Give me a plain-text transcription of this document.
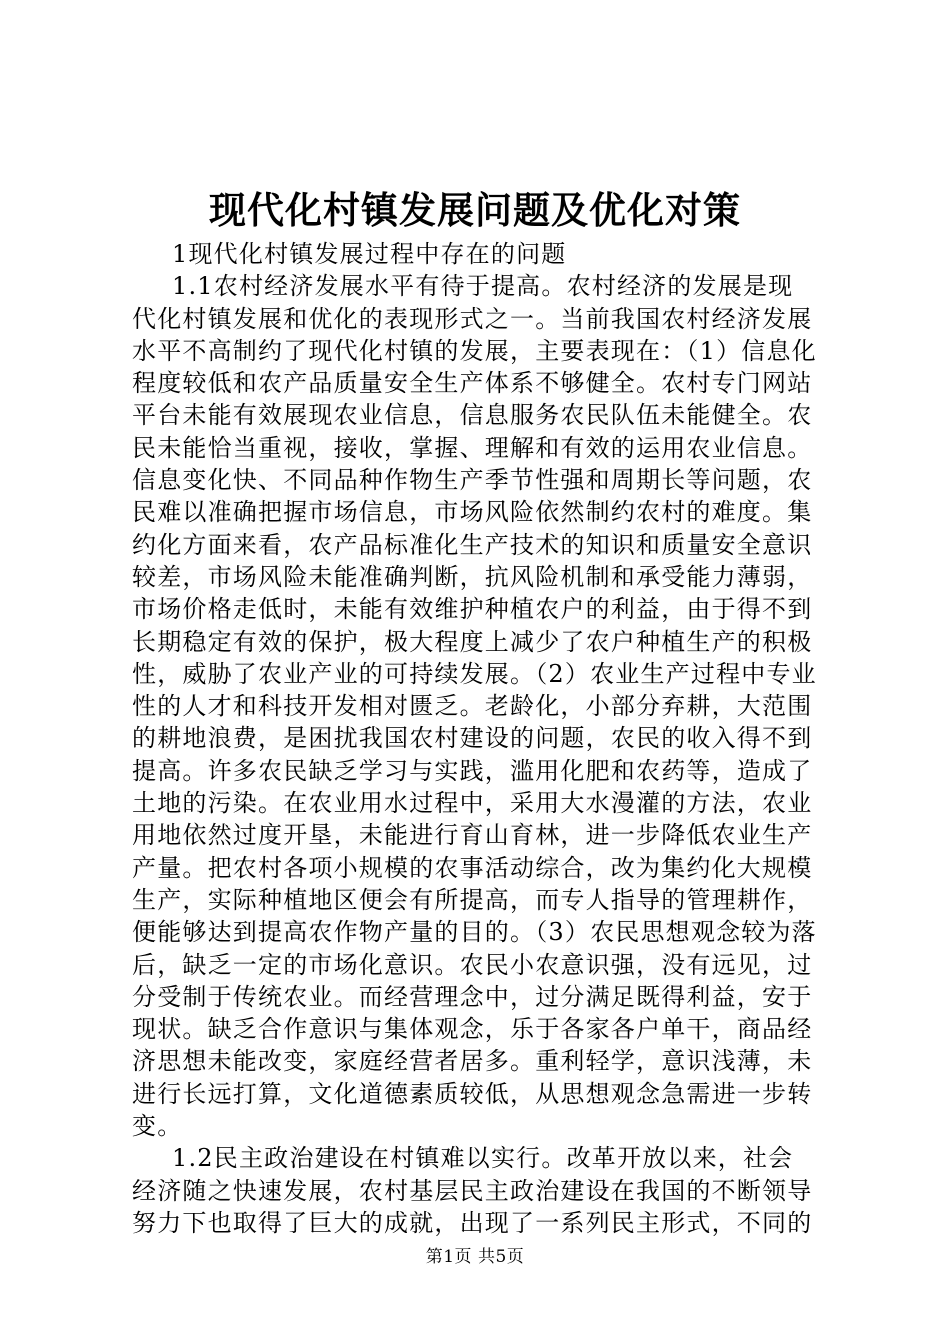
现代化村镇发展问题及优化对策
1现代化村镇发展过程中存在的问题
1.1农村经济发展水平有待于提高。农村经济的发展是现
代化村镇发展和优化的表现形式之一。当前我国农村经济发展
水平不高制约了现代化村镇的发展，主要表现在：（1）信息化
程度较低和农产品质量安全生产体系不够健全。农村专门网站
平台未能有效展现农业信息，信息服务农民队伍未能健全。农
民未能恰当重视，接收，掌握、理解和有效的运用农业信息。
信息变化快、不同品种作物生产季节性强和周期长等问题，农
民难以准确把握市场信息，市场风险依然制约农村的难度。集
约化方面来看，农产品标准化生产技术的知识和质量安全意识
较差，市场风险未能准确判断，抗风险机制和承受能力薄弱，
市场价格走低时，未能有效维护种植农户的利益，由于得不到
长期稳定有效的保护，极大程度上减少了农户种植生产的积极
性，威胁了农业产业的可持续发展。（2）农业生产过程中专业
性的人才和科技开发相对匮乏。老龄化，小部分弃耕，大范围
的耕地浪费，是困扰我国农村建设的问题，农民的收入得不到
提高。许多农民缺乏学习与实践，滥用化肥和农药等，造成了
土地的污染。在农业用水过程中，采用大水漫灌的方法，农业
用地依然过度开垦，未能进行育山育林，进一步降低农业生产
产量。把农村各项小规模的农事活动综合，改为集约化大规模
生产，实际种植地区便会有所提高，而专人指导的管理耕作，
便能够达到提高农作物产量的目的。（3）农民思想观念较为落
后，缺乏一定的市场化意识。农民小农意识强，没有远见，过
分受制于传统农业。而经营理念中，过分满足既得利益，安于
现状。缺乏合作意识与集体观念，乐于各家各户单干，商品经
济思想未能改变，家庭经营者居多。重利轻学，意识浅薄，未
进行长远打算，文化道德素质较低，从思想观念急需进一步转
变。
1.2民主政治建设在村镇难以实行。改革开放以来，社会
经济随之快速发展，农村基层民主政治建设在我国的不断领导
努力下也取得了巨大的成就，出现了一系列民主形式，不同的
第1页 共5页
